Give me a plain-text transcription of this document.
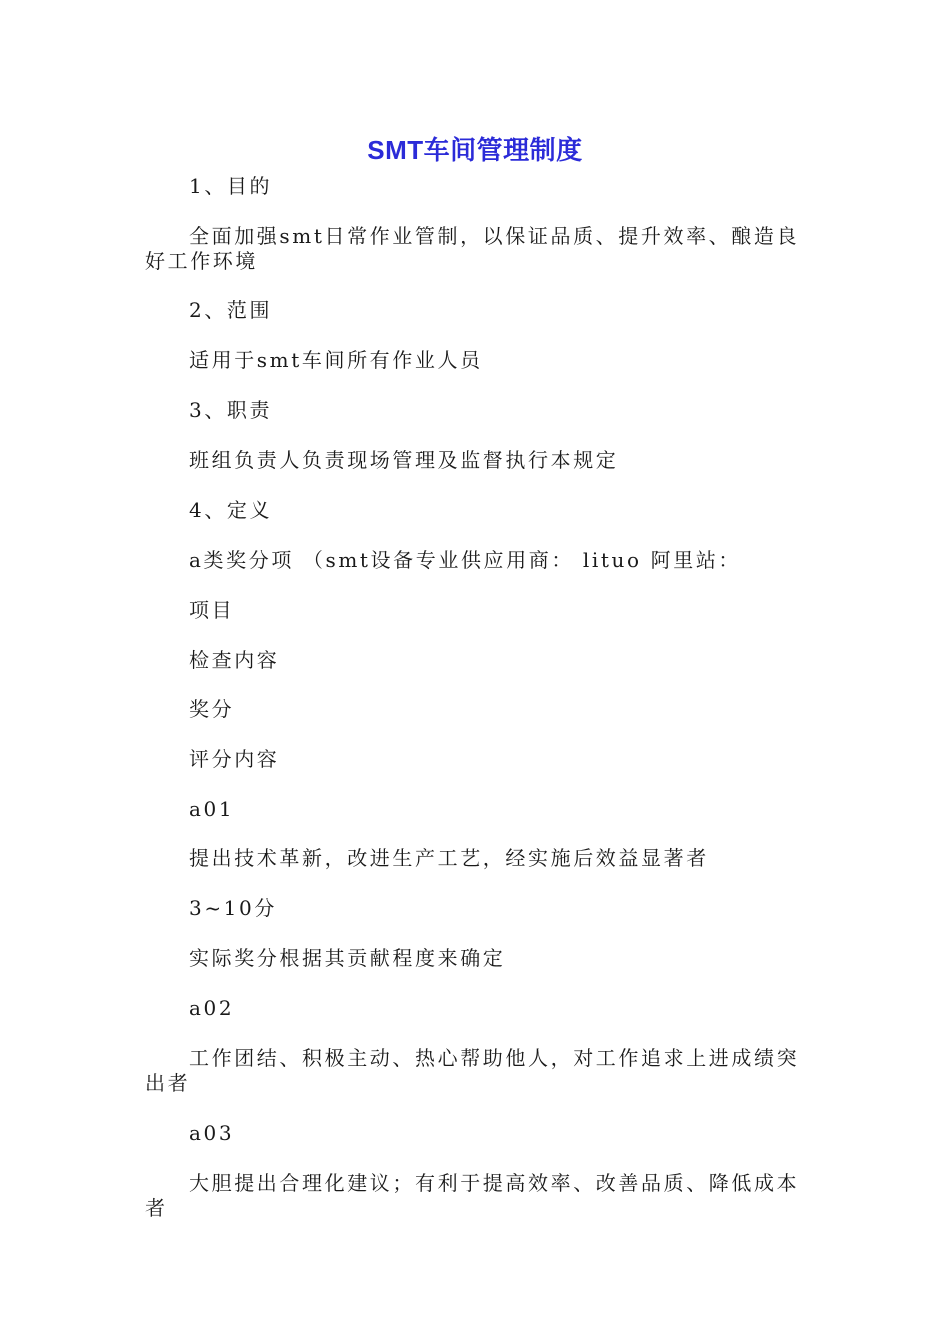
SMT车间管理制度
1、目的
全面加强smt日常作业管制，以保证品质、提升效率、酿造良好工作环境
2、范围
适用于smt车间所有作业人员
3、职责
班组负责人负责现场管理及监督执行本规定
4、定义
a类奖分项 （smt设备专业供应用商： lituo 阿里站：
项目
检查内容
奖分
评分内容
a01
提出技术革新，改进生产工艺，经实施后效益显著者
3~10分
实际奖分根据其贡献程度来确定
a02
工作团结、积极主动、热心帮助他人，对工作追求上进成绩突出者
a03
大胆提出合理化建议；有利于提高效率、改善品质、降低成本者
